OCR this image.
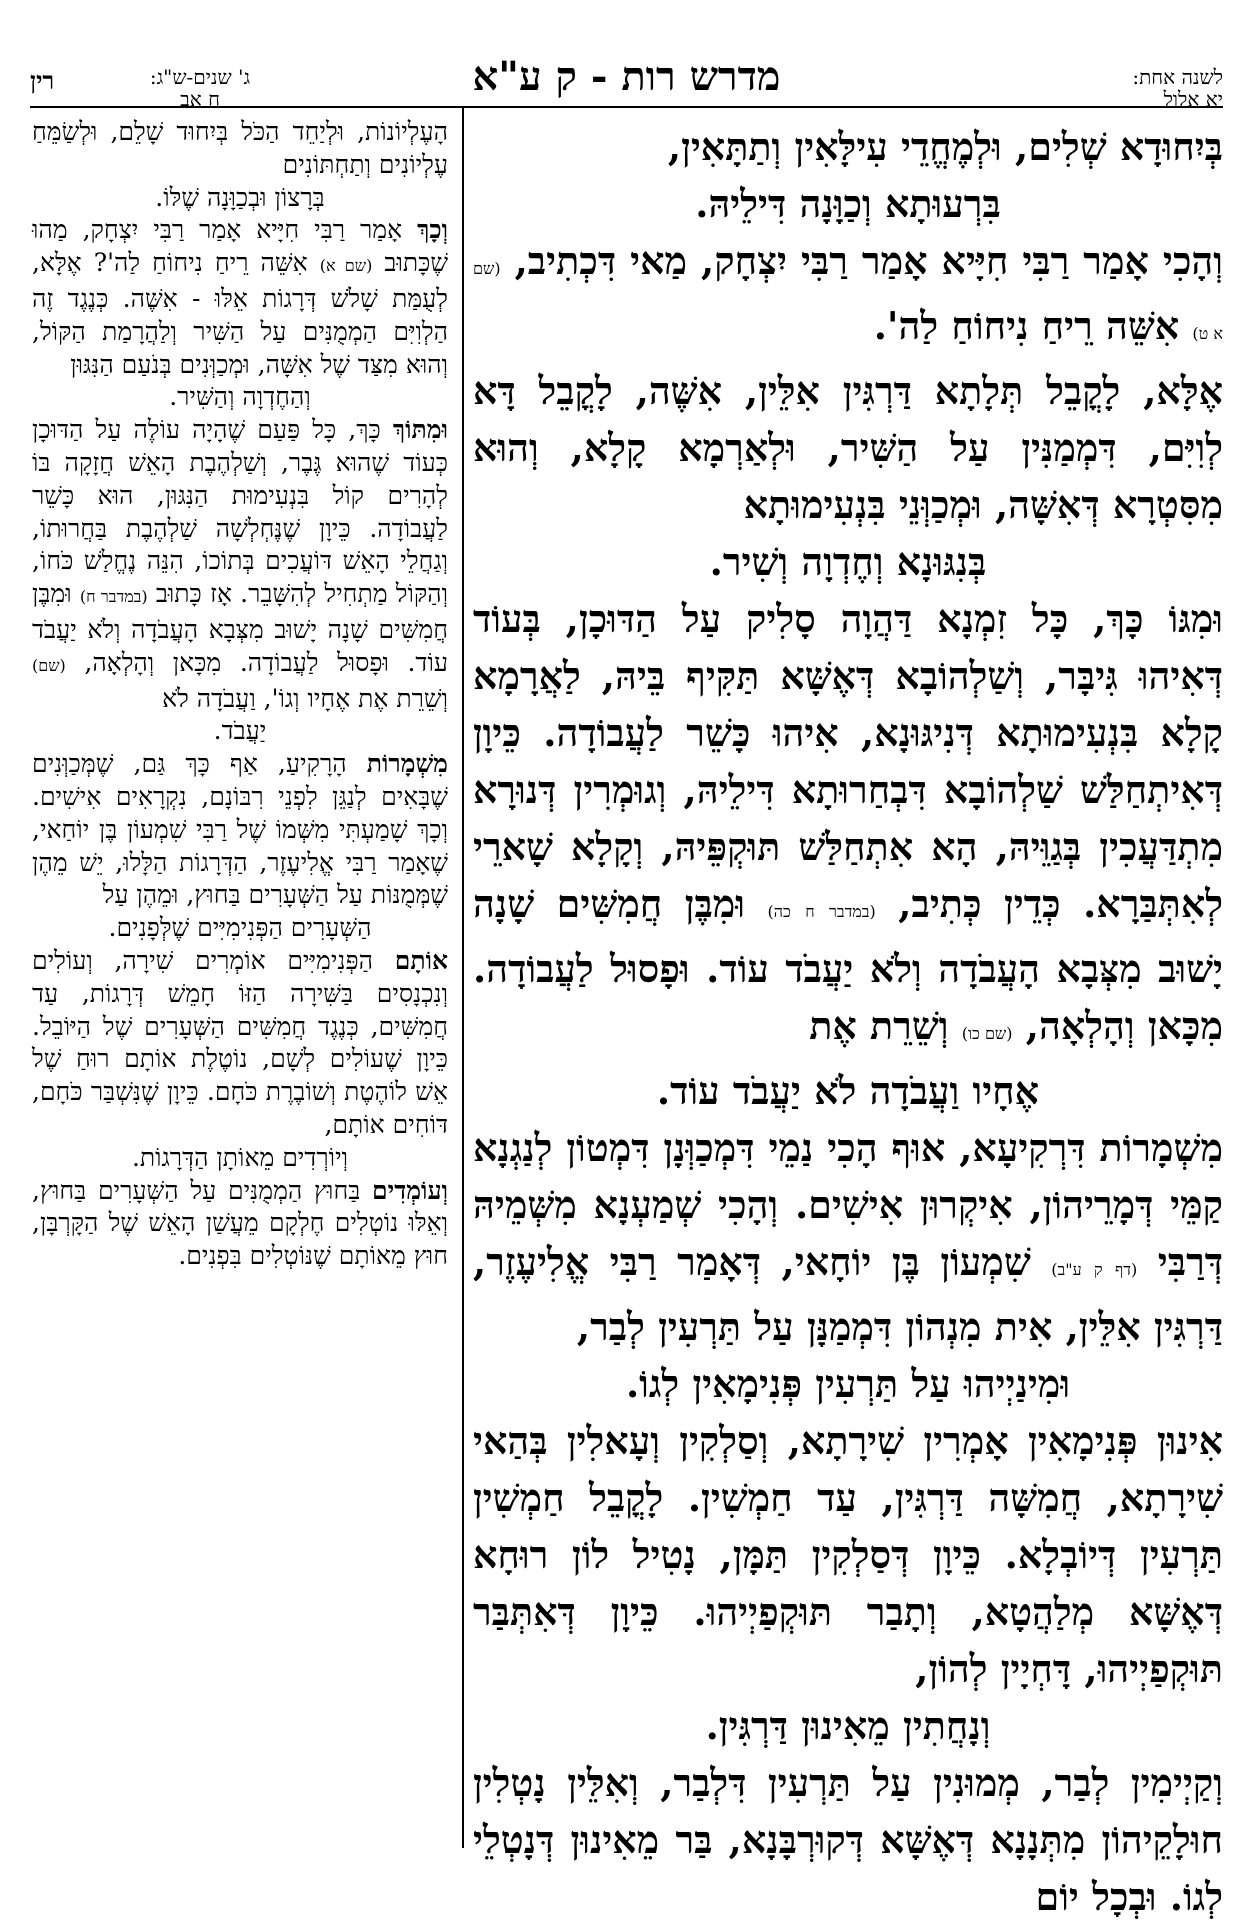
לשנה אחת:
יא אלול
מדרש רות - ק ע"א
ג' שנים-ש"ג:
ח אב
רין

בְּיִחוּדָא שְׁלִים, וּלְמֶחֱדֵי עִילָּאִין וְתַתָּאִין,

בִּרְעוּתָא וְכַוָּנָה דִּילֵיהּ.

וְהָכִי אָמַר רַבִּי חִיָּיא אָמַר רַבִּי יִצְחָק, מַאי דִּכְתִיב, (שם א ט) אִשֵּׁה רֵיחַ נִיחוֹחַ לַה'.

אֶלָּא, לָקֳבֵל תְּלָתָא דַּרְגִּין אִלֵּין, אִשֶּׁה, לָקֳבֵל דָּא לְוִיִּם, דִּמְמַנִּין עַל הַשִּׁיר, וּלְאַרְמָא קָלָא, וְהוּא מִסִּטְרָא דְּאִשָּׁה, וּמְכַוְּנֵי בִּנְעִימוּתָא

בְּנִגּוּנָא וְחֶדְוָה וְשִׁיר.

וּמִגּוֹ כָּךְ, כָּל זִמְנָא דַּהֲוָה סָלִיק עַל הַדּוּכָן, בְּעוֹד דְּאִיהוּ גִּיבָּר, וְשַׁלְהוֹבָא דְּאֶשָּׁא תַּקִּיף בֵּיהּ, לַאֲרָמָא קָלָא בִּנְעִימוּתָא דְּנִיגּוּנָא, אִיהוּ כָּשֵׁר לַעֲבוֹדָה. כֵּיוָן דְּאִיתְחַלַּשׁ שַׁלְהוֹבָא דִּבְחַרוּתָא דִּילֵיהּ, וְגוּמְרִין דְּנוּרָא מִתְדַּעֲכִין בְּגַוֵּיהּ, הָא אִתְחַלַּשׁ תּוּקְפֵּיהּ, וְקָלָא שָׁארֵי לְאִתְּבַּרָא. כְּדֵין כְּתִיב, (במדבר ח כה) וּמִבֶּן חֲמִשִּׁים שָׁנָה יָשׁוּב מִצְּבָא הָעֲבֹדָה וְלֹא יַעֲבֹד עוֹד. וּפָסוּל לַעֲבוֹדָה. מִכָּאן וְהָלְאָה, (שם כו) וְשֵׁרֵת אֶת

אֶחָיו וַעֲבֹדָה לֹא יַעֲבֹד עוֹד.

מִשְׁמָרוֹת דִּרְקִיעָא, אוּף הָכִי נַמֵי דִּמְכַוְּנָן דִּמְטוֹן לְנַגְנָא קַמֵּי דְּמָרֵיהוֹן, אִיקְרוּן אִישִׁים. וְהָכִי שְׁמַעְנָא מִשְּׁמֵיהּ דְּרַבִּי (דף ק ע"ב) שִׁמְעוֹן בֶּן יוֹחָאי, דְּאָמַר רַבִּי אֱלִיעֶזֶר, דַּרְגִּין אִלֵּין, אִית מִנְהוֹן דִּמְמַנָּן עַל תַּרְעִין לְבַר,

וּמִינַיְיהוּ עַל תַּרְעִין פְּנִימָאִין לְגוֹ.

אִינוּן פְּנִימָאִין אָמְרִין שִׁירָתָא, וְסַלְקִין וְעָאלִין בְּהַאי שִׁירָתָא, חֲמִשָּׁה דַּרְגִּין, עַד חַמְשִׁין. לָקֳבֵל חַמְשִׁין תַּרְעִין דְּיוֹבְלָא. כֵּיוָן דְּסַלְקִין תַּמָּן, נָטִיל לוֹן רוּחָא דְּאֶשָּׁא מְלַהֲטָא, וְתָבַר תּוּקְפַיְיהוּ. כֵּיוָן דְּאִתְּבַּר תּוּקְפַיְיהוּ, דָּחְיָין לְהוֹן,

וְנָחֲתִין מֵאִינוּן דַּרְגִּין.

וְקַיְימִין לְבַר, מְמוּנִין עַל תַּרְעִין דִּלְבַר, וְאִלֵּין נָטְלִין חוּלָקֵיהוֹן מִתְּנָנָא דְּאֶשָּׁא דְּקוּרְבָּנָא, בַּר מֵאִינוּן דְּנָטְלֵי לְגוֹ. וּבְכָל יוֹם

הָעֶלְיוֹנוֹת, וּלְיַחֵד הַכֹּל בְּיִחוּד שָׁלֵם, וּלְשַׂמֵּחַ עֶלְיוֹנִים וְתַחְתּוֹנִים

בְּרָצוֹן וּבְכַוָּנָה שֶׁלּוֹ.

וְכָךְ אָמַר רַבִּי חִיָּיא אָמַר רַבִּי יִצְחָק, מַהוּ שֶׁכָּתוּב (שם א) אִשֵּׁה רֵיחַ נִיחוֹחַ לַה'? אֶלָּא, לְעֻמַּת שָׁלֹשׁ דְּרָגוֹת אֵלּוּ - אִשֶּׁה. כְּנֶגֶד זֶה הַלְוִיִּם הַמְמֻנִּים עַל הַשִּׁיר וְלַהֲרָמַת הַקּוֹל, וְהוּא מִצַּד שֶׁל אִשָּׁה, וּמְכַוְּנִים בְּנֹעַם הַנִּגּוּן

וְהַחֶדְוָה וְהַשִּׁיר.

וּמִתּוֹךְ כָּךְ, כָּל פַּעַם שֶׁהָיָה עוֹלֶה עַל הַדּוּכָן כְּעוֹד שֶׁהוּא גֶּבֶר, וְשַׁלְהֶבֶת הָאֵשׁ חֲזָקָה בּוֹ לְהָרִים קוֹל בִּנְעִימוּת הַנִּגּוּן, הוּא כָּשֵׁר לַעֲבוֹדָה. כֵּיוָן שֶׁנֶּחְלְשָׁה שַׁלְהֶבֶת בַּחֲרוּתוֹ, וְגַחֲלֵי הָאֵשׁ דּוֹעֲכִים בְּתוֹכוֹ, הִנֵּה נֶחֱלַשׁ כֹּחוֹ, וְהַקּוֹל מַתְחִיל לְהִשָּׁבֵר. אָז כָּתוּב (במדבר ח) וּמִבֶּן חֲמִשִּׁים שָׁנָה יָשׁוּב מִצְּבָא הָעֲבֹדָה וְלֹא יַעֲבֹד עוֹד. וּפָסוּל לַעֲבוֹדָה. מִכָּאן וְהָלְאָה, (שם) וְשֵׁרֵת אֶת אֶחָיו וְגוֹ', וַעֲבֹדָה לֹא

יַעֲבֹד.

מִשְׁמָרוֹת הָרָקִיעַ, אַף כָּךְ גַּם, שֶׁמְּכַוְּנִים שֶׁבָּאִים לְנַגֵּן לִפְנֵי רִבּוֹנָם, נִקְרָאִים אִישִׁים. וְכָךְ שָׁמַעְתִּי מִשְּׁמוֹ שֶׁל רַבִּי שִׁמְעוֹן בֶּן יוֹחַאי, שֶׁאָמַר רַבִּי אֱלִיעֶזֶר, הַדְּרָגוֹת הַלָּלוּ, יֵשׁ מֵהֶן שֶׁמְּמֻנּוֹת עַל הַשְּׁעָרִים בַּחוּץ, וּמֵהֶן עַל

הַשְּׁעָרִים הַפְּנִימִיִּים שֶׁלְּפָנִים.

אוֹתָם הַפְּנִימִיִּים אוֹמְרִים שִׁירָה, וְעוֹלִים וְנִכְנָסִים בַּשִּׁירָה הַזּוֹ חָמֵשׁ דְּרָגוֹת, עַד חֲמִשִּׁים, כְּנֶגֶד חֲמִשִּׁים הַשְּׁעָרִים שֶׁל הַיּוֹבֵל. כֵּיוָן שֶׁעוֹלִים לְשָׁם, נוֹטֶלֶת אוֹתָם רוּחַ שֶׁל אֵשׁ לוֹהֶטֶת וְשׁוֹבֶרֶת כֹּחָם. כֵּיוָן שֶׁנִּשְׁבַּר כֹּחָם, דּוֹחִים אוֹתָם,

וְיוֹרְדִים מֵאוֹתָן הַדְּרָגוֹת.

וְעוֹמְדִים בַּחוּץ הַמְמֻנִּים עַל הַשְּׁעָרִים בַּחוּץ, וְאֵלּוּ נוֹטְלִים חֶלְקָם מֵעֲשַׁן הָאֵשׁ שֶׁל הַקָּרְבָּן, חוּץ מֵאוֹתָם שֶׁנּוֹטְלִים בִּפְנִים.
